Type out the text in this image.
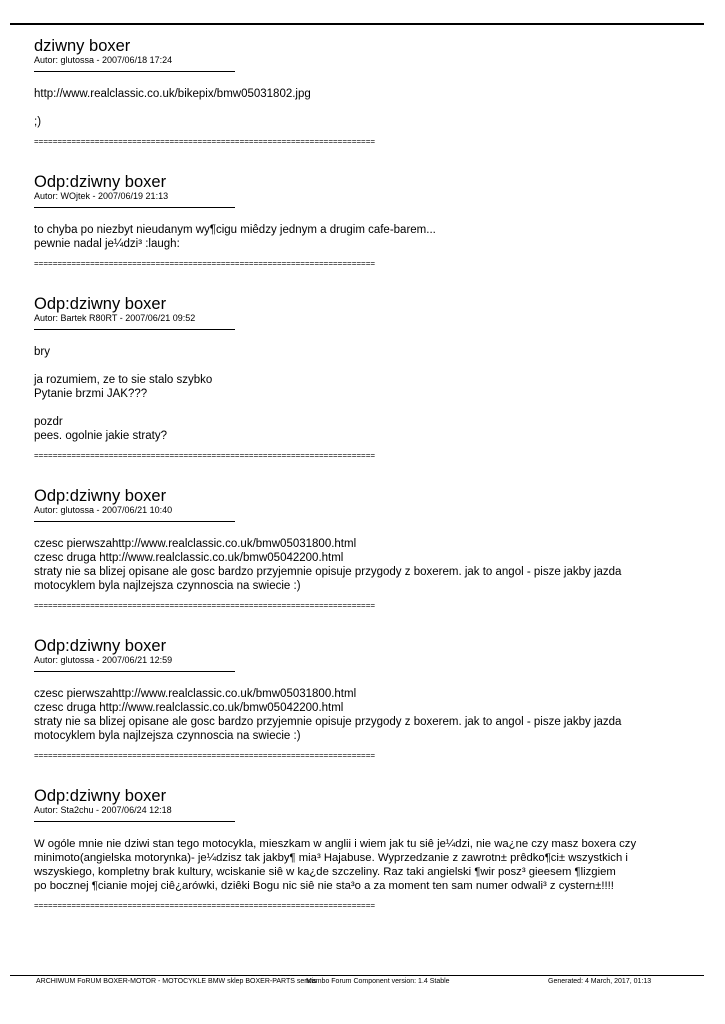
dziwny boxer
Autor: glutossa - 2007/06/18 17:24
http://www.realclassic.co.uk/bikepix/bmw05031802.jpg
;)
=========================================================================
Odp:dziwny boxer
Autor: WOjtek - 2007/06/19 21:13
to chyba po niezbyt nieudanym wy¶cigu miêdzy jednym a drugim cafe-barem...
pewnie nadal je¼dzi³ :laugh:
=========================================================================
Odp:dziwny boxer
Autor: Bartek R80RT - 2007/06/21 09:52
bry
ja rozumiem, ze to sie stalo szybko
Pytanie brzmi JAK???
pozdr
pees. ogolnie jakie straty?
=========================================================================
Odp:dziwny boxer
Autor: glutossa - 2007/06/21 10:40
czesc pierwszahttp://www.realclassic.co.uk/bmw05031800.html
czesc druga http://www.realclassic.co.uk/bmw05042200.html
straty nie sa blizej opisane ale gosc bardzo przyjemnie opisuje przygody z boxerem. jak to angol - pisze jakby jazda
motocyklem byla najlzejsza czynnoscia na swiecie :)
=========================================================================
Odp:dziwny boxer
Autor: glutossa - 2007/06/21 12:59
czesc pierwszahttp://www.realclassic.co.uk/bmw05031800.html
czesc druga http://www.realclassic.co.uk/bmw05042200.html
straty nie sa blizej opisane ale gosc bardzo przyjemnie opisuje przygody z boxerem. jak to angol - pisze jakby jazda
motocyklem byla najlzejsza czynnoscia na swiecie :)
=========================================================================
Odp:dziwny boxer
Autor: Sta2chu - 2007/06/24 12:18
W ogóle mnie nie dziwi stan tego motocykla, mieszkam w anglii i wiem jak tu siê je¼dzi, nie wa¿ne czy masz boxera czy
minimoto(angielska motorynka)- je¼dzisz tak jakby¶ mia³ Hajabuse. Wyprzedzanie z zawrotn± prêdko¶ci± wszystkich i
wszyskiego, kompletny brak kultury, wciskanie siê w ka¿de szczeliny. Raz taki angielski ¶wir posz³ gieesem ¶lizgiem
po bocznej ¶cianie mojej ciê¿arówki, dziêki Bogu nic siê nie sta³o a za moment ten sam numer odwali³ z cystern±!!!!
=========================================================================
ARCHIWUM FoRUM BOXER-MOTOR - MOTOCYKLE BMW sklep BOXER-PARTS serwis
Mambo Forum Component version: 1.4 Stable	Generated: 4 March, 2017, 01:13
